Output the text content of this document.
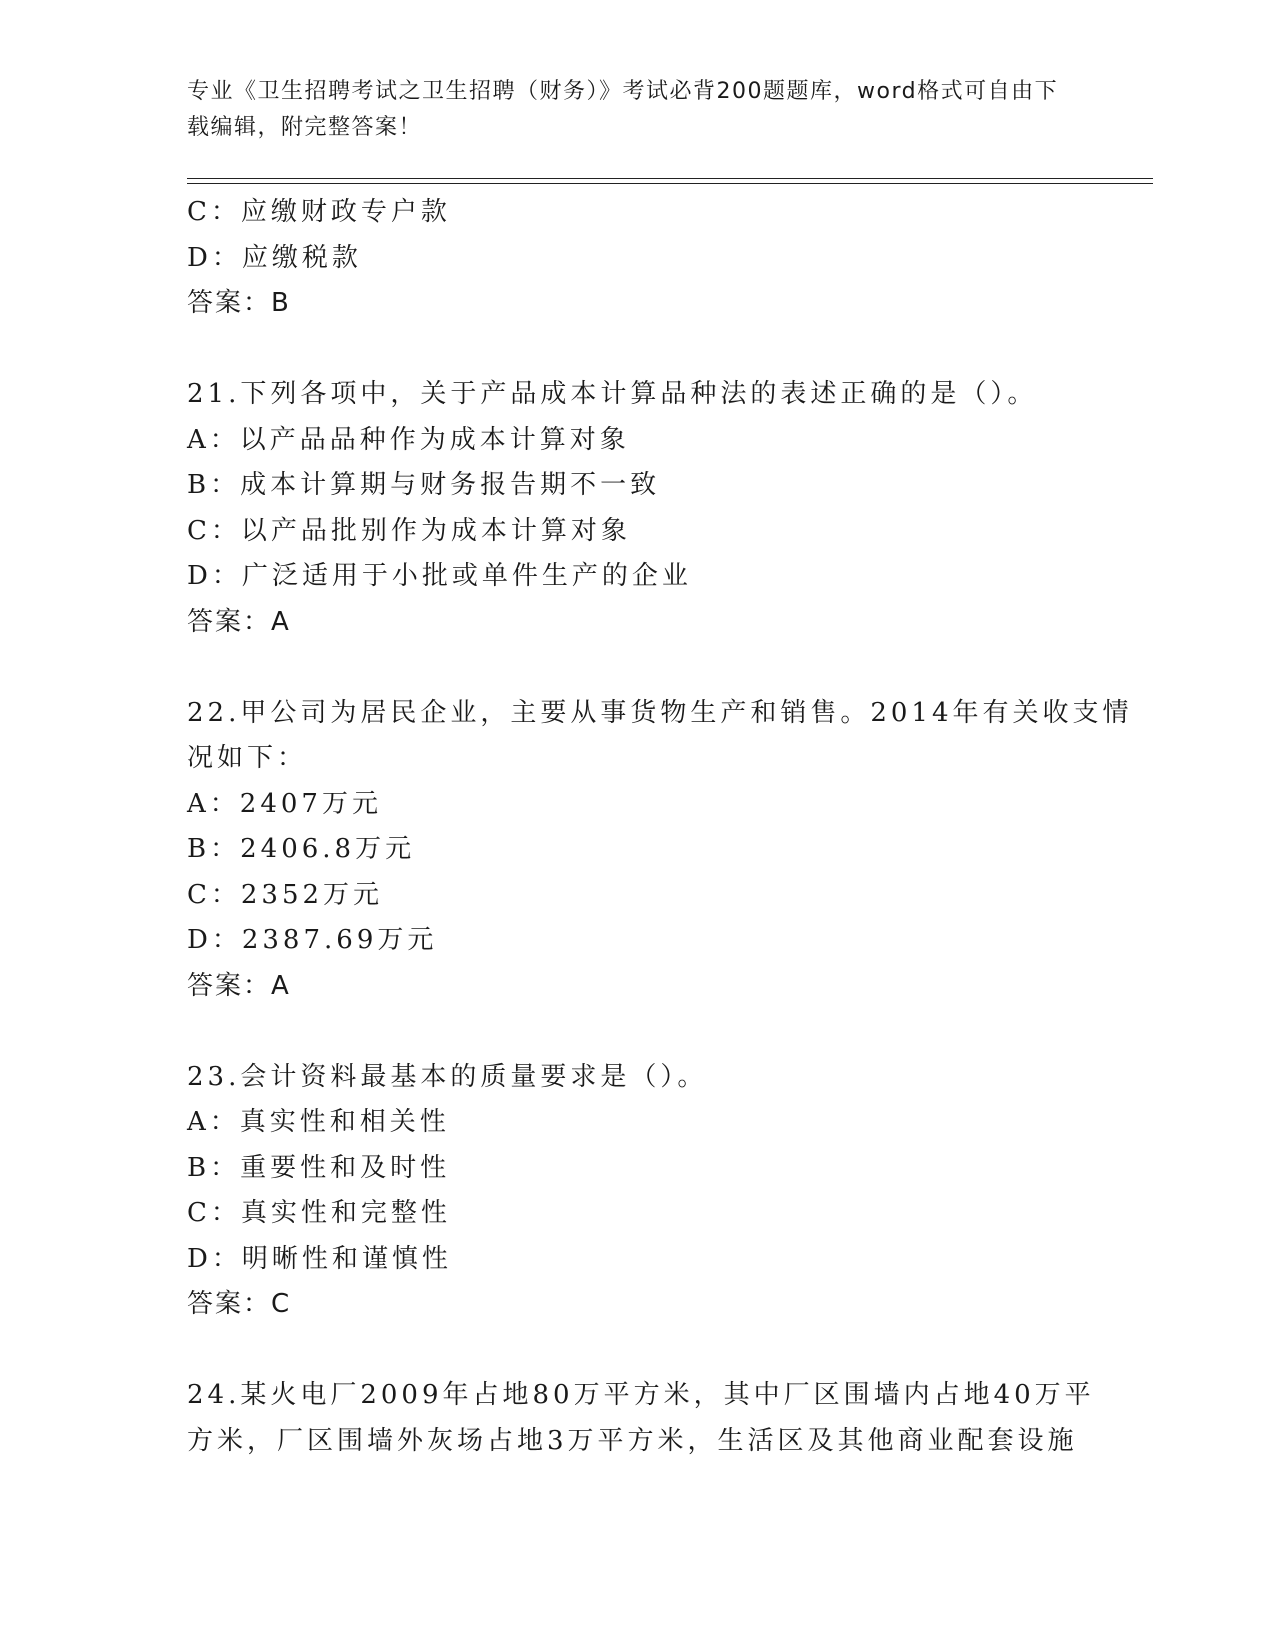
专业《卫生招聘考试之卫生招聘（财务）》考试必背200题题库，word格式可自由下载编辑，附完整答案！
C：应缴财政专户款
D：应缴税款
答案：B
21.下列各项中，关于产品成本计算品种法的表述正确的是（）。
A：以产品品种作为成本计算对象
B：成本计算期与财务报告期不一致
C：以产品批别作为成本计算对象
D：广泛适用于小批或单件生产的企业
答案：A
22.甲公司为居民企业，主要从事货物生产和销售。2014年有关收支情
况如下：
A：2407万元
B：2406.8万元
C：2352万元
D：2387.69万元
答案：A
23.会计资料最基本的质量要求是（）。
A：真实性和相关性
B：重要性和及时性
C：真实性和完整性
D：明晰性和谨慎性
答案：C
24.某火电厂2009年占地80万平方米，其中厂区围墙内占地40万平
方米，厂区围墙外灰场占地3万平方米，生活区及其他商业配套设施
